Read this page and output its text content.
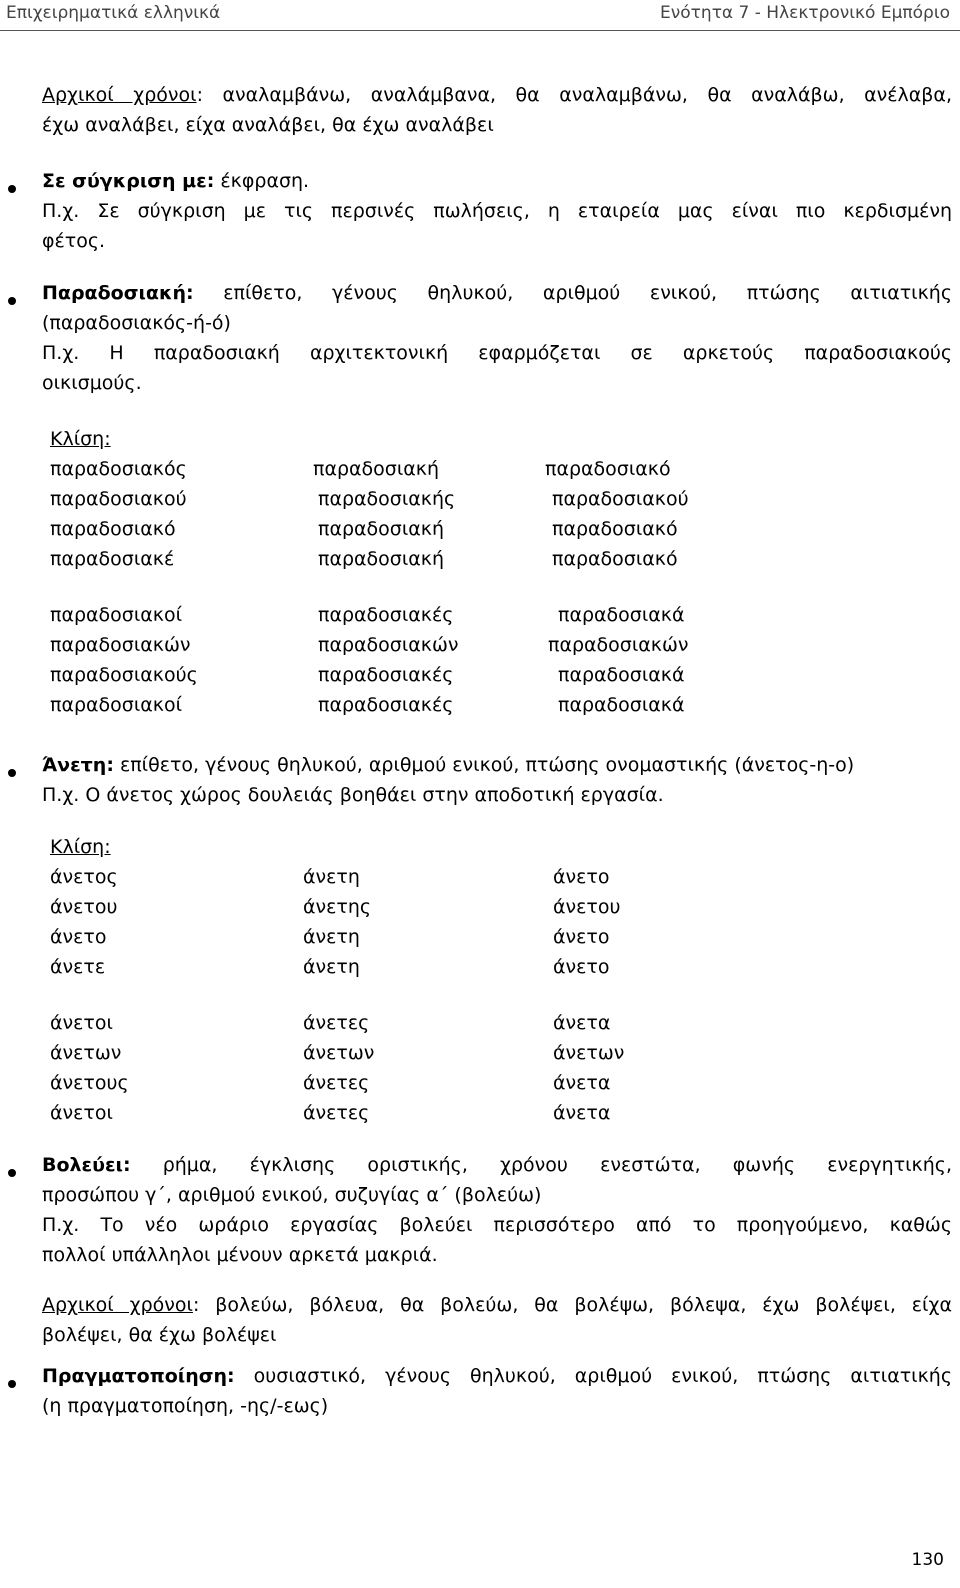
Επιχειρηματικά ελληνικά	Ενότητα 7 - Ηλεκτρονικό Εμπόριο
Αρχικοί χρόνοι: αναλαμβάνω, αναλάμβανα, θα αναλαμβάνω, θα αναλάβω, ανέλαβα,
έχω αναλάβει, είχα αναλάβει, θα έχω αναλάβει
Σε σύγκριση με: έκφραση.
Π.χ. Σε σύγκριση με τις περσινές πωλήσεις, η εταιρεία μας είναι πιο κερδισμένη
φέτος.
Παραδοσιακή: επίθετο, γένους θηλυκού, αριθμού ενικού, πτώσης αιτιατικής
(παραδοσιακός-ή-ό)
Π.χ. Η παραδοσιακή αρχιτεκτονική εφαρμόζεται σε αρκετούς παραδοσιακούς
οικισμούς.
Κλίση:
παραδοσιακός	παραδοσιακή	παραδοσιακό
παραδοσιακού	παραδοσιακής	παραδοσιακού
παραδοσιακό	παραδοσιακή	παραδοσιακό
παραδοσιακέ	παραδοσιακή	παραδοσιακό
παραδοσιακοί	παραδοσιακές	παραδοσιακά
παραδοσιακών	παραδοσιακών	παραδοσιακών
παραδοσιακούς	παραδοσιακές	παραδοσιακά
παραδοσιακοί	παραδοσιακές	παραδοσιακά
Άνετη: επίθετο, γένους θηλυκού, αριθμού ενικού, πτώσης ονομαστικής (άνετος-η-ο)
Π.χ. Ο άνετος χώρος δουλειάς βοηθάει στην αποδοτική εργασία.
Κλίση:
άνετος	άνετη	άνετο
άνετου	άνετης	άνετου
άνετο	άνετη	άνετο
άνετε	άνετη	άνετο
άνετοι	άνετες	άνετα
άνετων	άνετων	άνετων
άνετους	άνετες	άνετα
άνετοι	άνετες	άνετα
Βολεύει: ρήμα, έγκλισης οριστικής, χρόνου ενεστώτα, φωνής ενεργητικής,
προσώπου γ΄, αριθμού ενικού, συζυγίας α΄ (βολεύω)
Π.χ. Το νέο ωράριο εργασίας βολεύει περισσότερο από το προηγούμενο, καθώς
πολλοί υπάλληλοι μένουν αρκετά μακριά.
Αρχικοί χρόνοι: βολεύω, βόλευα, θα βολεύω, θα βολέψω, βόλεψα, έχω βολέψει, είχα
βολέψει, θα έχω βολέψει
Πραγματοποίηση: ουσιαστικό, γένους θηλυκού, αριθμού ενικού, πτώσης αιτιατικής
(η πραγματοποίηση, -ης/-εως)
130
